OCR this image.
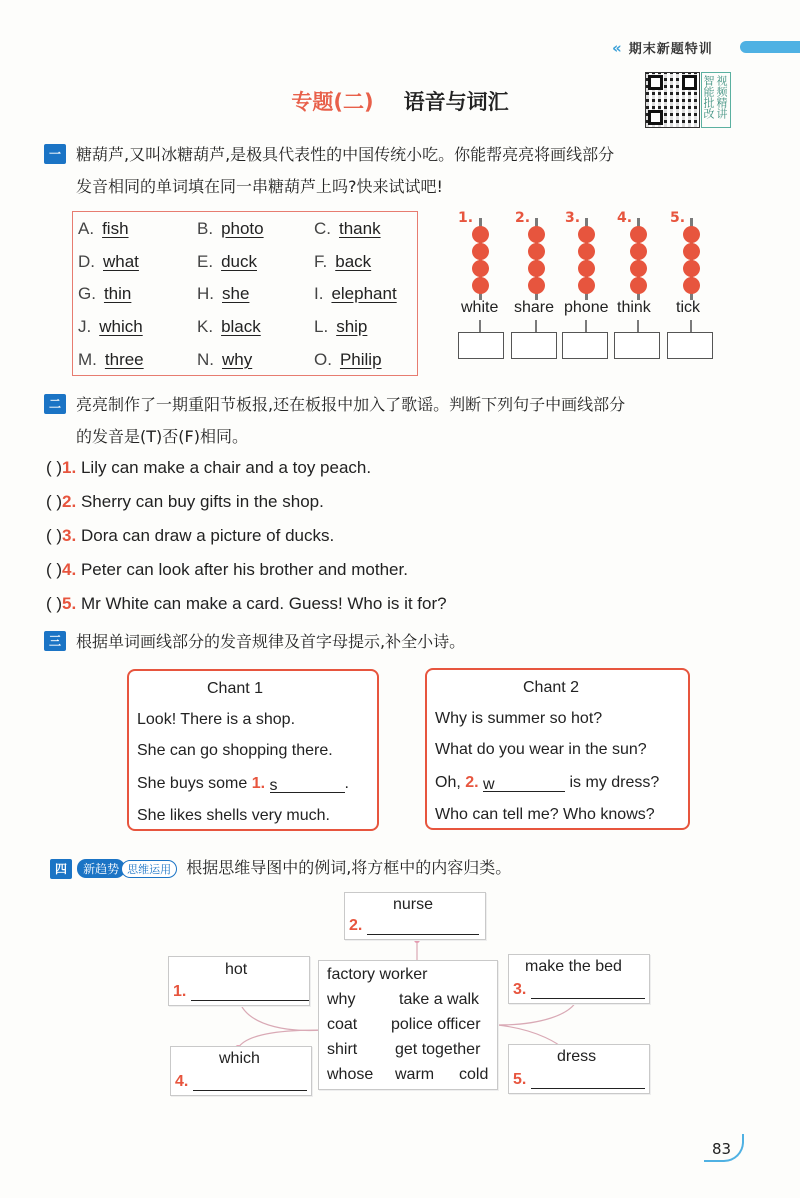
« 期末新题特训
专题(二) 语音与词汇	视频精讲智能批改
一 糖葫芦,又叫冰糖葫芦,是极具代表性的中国传统小吃。你能帮亮亮将画线部分
发音相同的单词填在同一串糖葫芦上吗?快来试试吧!
A. fish	B. photo	C. thank
D. what	E. duck	F. back
G. thin	H. she	I. elephant
J. which	K. black	L. ship
M. three	N. why	O. Philip
1.
white
2.
share
3.
phone
4.
think
5.
tick
二 亮亮制作了一期重阳节板报,还在板报中加入了歌谣。判断下列句子中画线部分
的发音是(T)否(F)相同。
( )1. Lily can make a chair and a toy peach.
( )2. Sherry can buy gifts in the shop.
( )3. Dora can draw a picture of ducks.
( )4. Peter can look after his brother and mother.
( )5. Mr White can make a card. Guess! Who is it for?
三 根据单词画线部分的发音规律及首字母提示,补全小诗。
Chant 1
Look! There is a shop.
She can go shopping there.
She buys some 1. s	.
She likes shells very much.
Chant 2
Why is summer so hot?
What do you wear in the sun?
Oh, 2. w	is my dress?
Who can tell me? Who knows?
四 新趋势 思维运用 根据思维导图中的例词,将方框中的内容归类。
nurse
2.
hot
1.
make the bed
3.
which
4.
dress
5.
factory worker
why	take a walk
coat police officer
shirt get together
whose warm cold
83
